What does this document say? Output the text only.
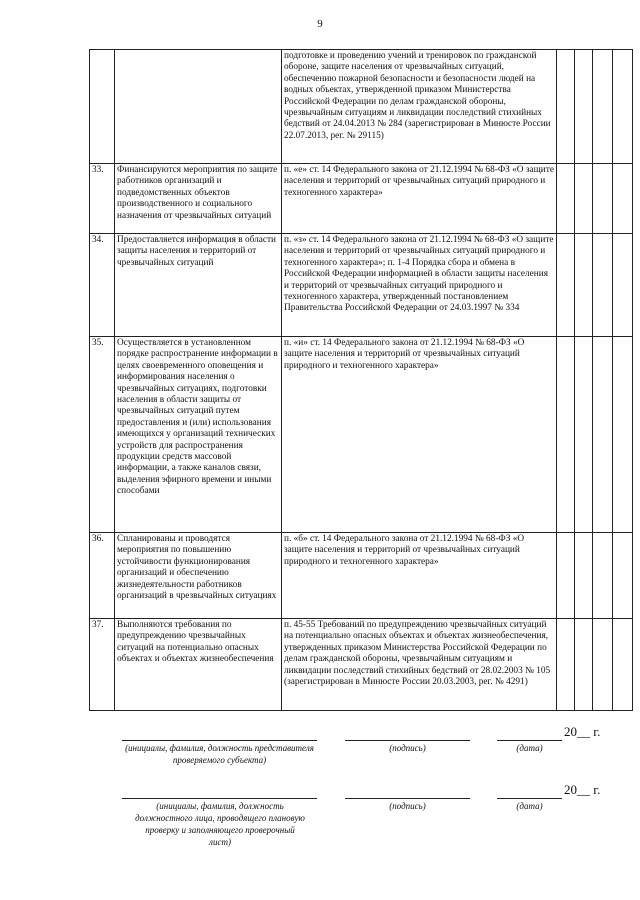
9
		подготовке и проведению учений и тренировок по гражданской обороне, защите населения от чрезвычайных ситуаций, обеспечению пожарной безопасности и безопасности людей на водных объектах, утвержденной приказом Министерства Российской Федерации по делам гражданской обороны, чрезвычайным ситуациям и ликвидации последствий стихийных бедствий от 24.04.2013 № 284 (зарегистрирован в Минюсте России 22.07.2013, рег. № 29115)				
33.	Финансируются мероприятия по защите работников организаций и подведомственных объектов производственного и социального назначения от чрезвычайных ситуаций	п. «е» ст. 14 Федерального закона от 21.12.1994 № 68-ФЗ «О защите населения и территорий от чрезвычайных ситуаций природного и техногенного характера»				
34.	Предоставляется информация в области защиты населения и территорий от чрезвычайных ситуаций	п. «з» ст. 14 Федерального закона от 21.12.1994 № 68-ФЗ «О защите населения и территорий от чрезвычайных ситуаций природного и техногенного характера»; п. 1-4 Порядка сбора и обмена в Российской Федерации информацией в области защиты населения и территорий от чрезвычайных ситуаций природного и техногенного характера, утвержденный постановлением Правительства Российской Федерации от 24.03.1997 № 334				
35.	Осуществляется в установленном порядке распространение информации в целях своевременного оповещения и информирования населения о чрезвычайных ситуациях, подготовки населения в области защиты от чрезвычайных ситуаций путем предоставления и (или) использования имеющихся у организаций технических устройств для распространения продукции средств массовой информации, а также каналов связи, выделения эфирного времени и иными способами	п. «и» ст. 14 Федерального закона от 21.12.1994 № 68-ФЗ «О защите населения и территорий от чрезвычайных ситуаций природного и техногенного характера»				
36.	Спланированы и проводятся мероприятия по повышению устойчивости функционирования организаций и обеспечению жизнедеятельности работников организаций в чрезвычайных ситуациях	п. «б» ст. 14 Федерального закона от 21.12.1994 № 68-ФЗ «О защите населения и территорий от чрезвычайных ситуаций природного и техногенного характера»				
37.	Выполняются требования по предупреждению чрезвычайных ситуаций на потенциально опасных объектах и объектах жизнеобеспечения	п. 45-55 Требований по предупреждению чрезвычайных ситуаций на потенциально опасных объектах и объектах жизнеобеспечения, утвержденных приказом Министерства Российской Федерации по делам гражданской обороны, чрезвычайным ситуациям и ликвидации последствий стихийных бедствий от 28.02.2003 № 105 (зарегистрирован в Минюсте России 20.03.2003, рег. № 4291)				
20__ г.
(инициалы, фамилия, должность представителя проверяемого субъекта)
(подпись)	(дата)
20__ г.
(инициалы, фамилия, должность должностного лица, проводящего плановую проверку и заполняющего проверочный лист)
(подпись)	(дата)
